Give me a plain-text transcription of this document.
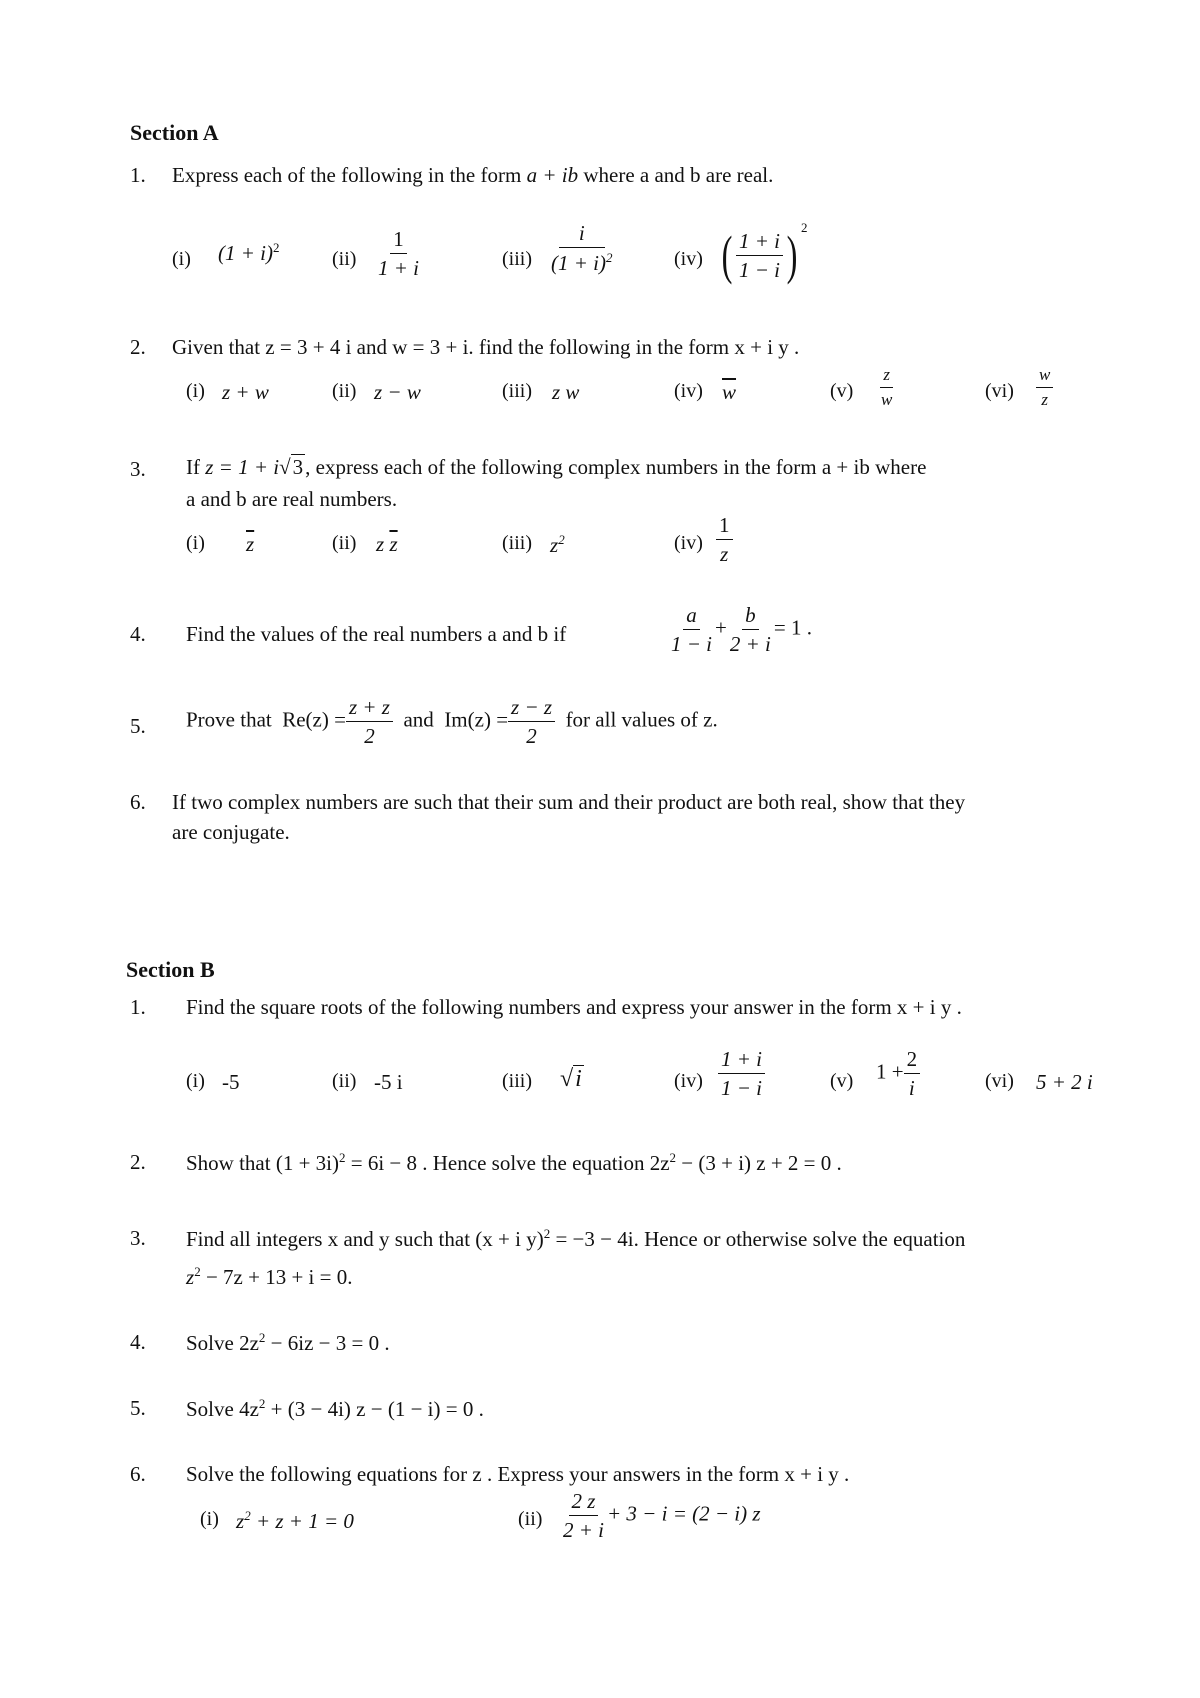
Section A
1. Express each of the following in the form a + ib where a and b are real.
(i) $(1 + i)^2$
$(ii) \frac{1}{1 + i}$	$(iii) \frac{i}{(1 + i)^2}$	(iv) ( $\frac{1 + i}{1 - i}$ ) $^2$
2. Given that z = 3 + 4 i and w = 3 + i. find the following in the form x + i y .
(i) z + w	(ii) z − w	(iii) z w	(iv) $\overline{w}$	$(v) \frac{z}{w}$	$(vi) \frac{w}{z}$
3. If z = 1 + i√3, express each of the following complex numbers in the form a + ib where
a and b are real numbers.
(i) $\overline{z}$	(ii) z $\overline{z}$	(iii) $z^2$	$(iv) \frac{1}{z}$
4. Find the values of the real numbers a and b if	$\frac{a}{1 - i} + \frac{b}{2 + i} = 1$ .
5. Prove that $Re(z) = \frac{z + z}{2}$ and $Im(z) = \frac{z - z}{2}$ for all values of z.
6. If two complex numbers are such that their sum and their product are both real, show that they
are conjugate.
Section B
1. Find the square roots of the following numbers and express your answer in the form x + i y .
(i) -5	(ii) -5 i	(iii) √i	$(iv) \frac{1 + i}{1 - i}$	(v) $1 + \frac{2}{i}$	(vi) 5 + 2 i
2. Show that $(1 + 3i)^2 = 6i - 8$ . Hence solve the equation $2z^2 - (3 + i) z + 2 = 0$ .
3. Find all integers x and y such that (x + i y)$^2$ = −3 − 4i. Hence or otherwise solve the equation
$z^2 - 7z + 13 + i = 0$.
4. Solve $2z^2 - 6iz - 3 = 0$ .
5. Solve $4z^2 + (3 - 4i) z - (1 - i) = 0$ .
6. Solve the following equations for z . Express your answers in the form x + i y .
(i) $z^2 + z + 1 = 0$	$(ii) \frac{2 z}{2 + i} + 3 - i = (2 - i)$ z
